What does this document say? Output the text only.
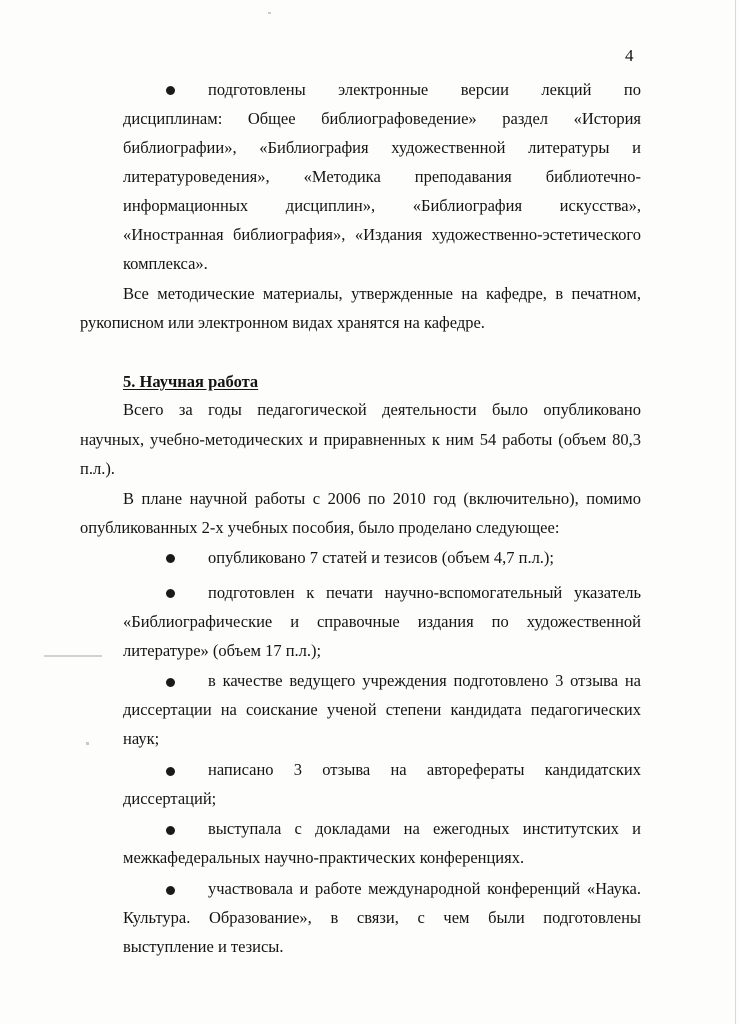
4
подготовлены электронные версии лекций по
дисциплинам: Общее библиографоведение» раздел «История
библиографии», «Библиография художественной литературы и
литературоведения», «Методика преподавания библиотечно-
информационных дисциплин», «Библиография искусства»,
«Иностранная библиография», «Издания художественно-эстетического
комплекса».
Все методические материалы, утвержденные на кафедре, в печатном,
рукописном или электронном видах хранятся на кафедре.
5. Научная работа
Всего за годы педагогической деятельности было опубликовано
научных, учебно-методических и приравненных к ним 54 работы (объем 80,3
п.л.).
В плане научной работы с 2006 по 2010 год (включительно), помимо
опубликованных 2-х учебных пособия, было проделано следующее:
опубликовано 7 статей и тезисов (объем 4,7 п.л.);
подготовлен к печати научно-вспомогательный указатель
«Библиографические и справочные издания по художественной
литературе» (объем 17 п.л.);
в качестве ведущего учреждения подготовлено 3 отзыва на
диссертации на соискание ученой степени кандидата педагогических
наук;
написано 3 отзыва на автореферaты кандидатских
диссертаций;
выступала с докладами на ежегодных институтских и
межкафедеральных научно-практических конференциях.
участвовала и работе международной конференций «Наука.
Культура. Образование», в связи, с чем были подготовлены
выступление и тезисы.
